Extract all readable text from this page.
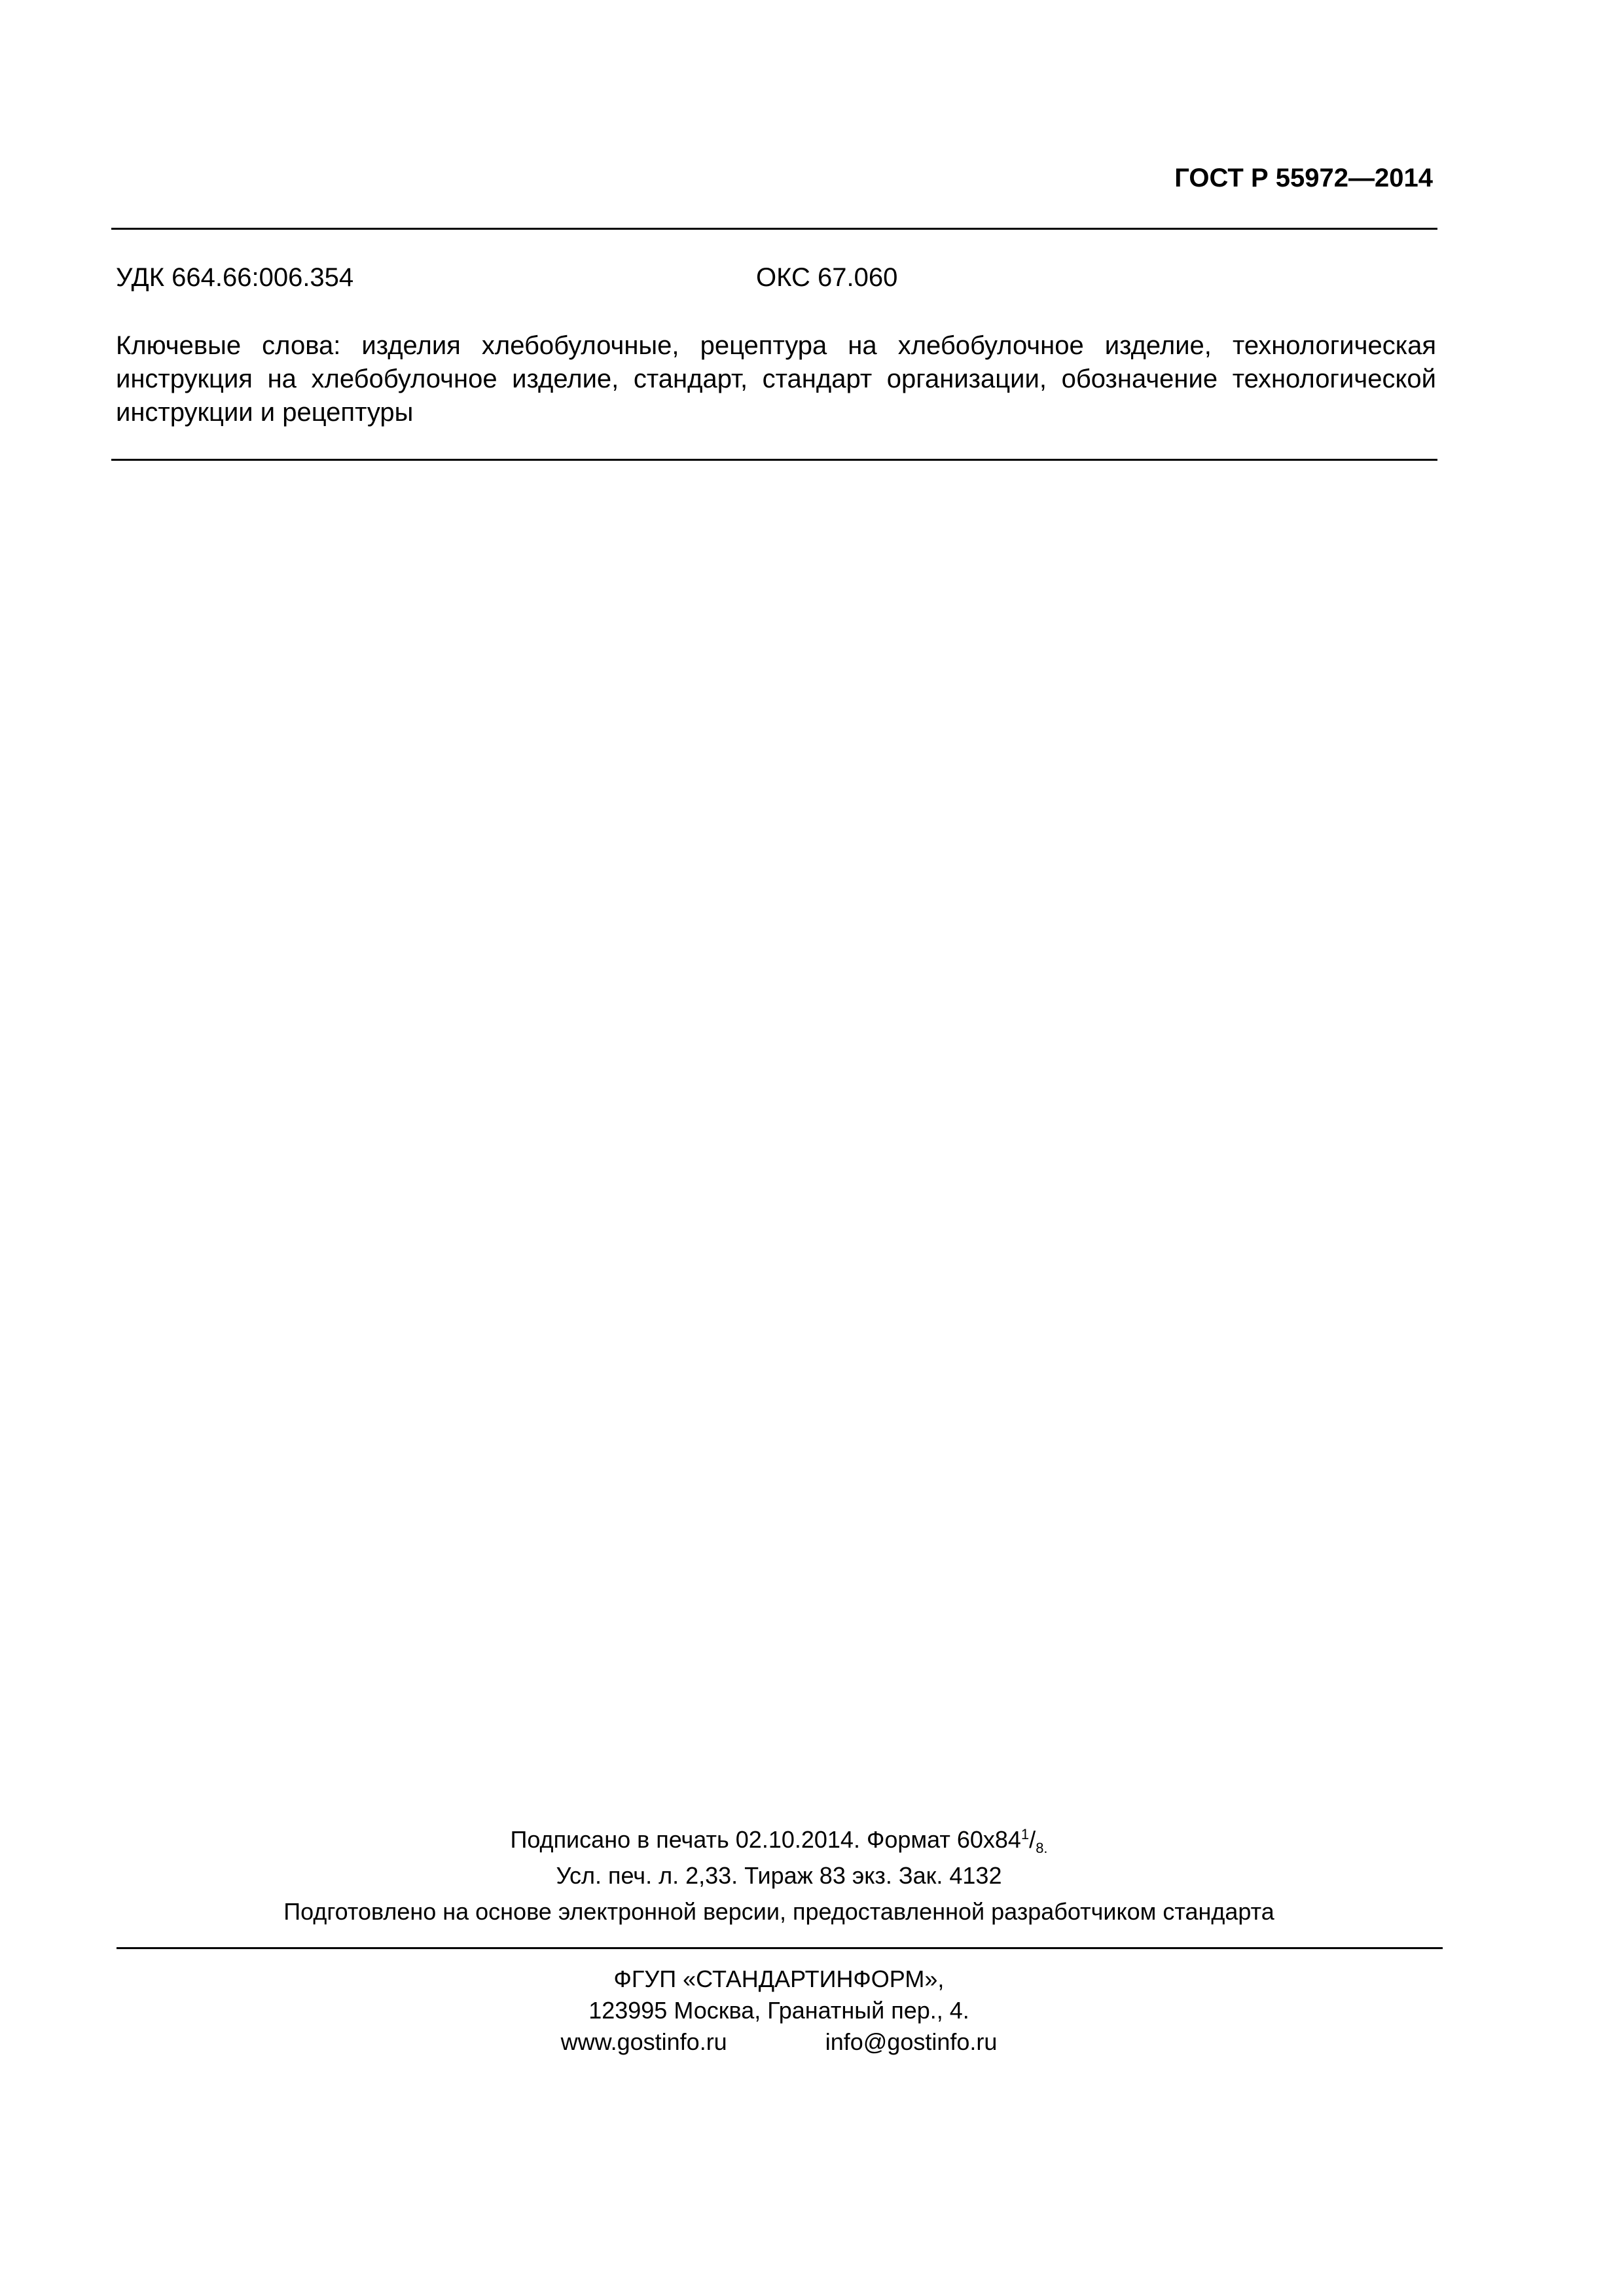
ГОСТ Р 55972—2014
УДК 664.66:006.354	ОКС 67.060
Ключевые слова: изделия хлебобулочные, рецептура на хлебобулочное изделие, технологическая инструкция на хлебобулочное изделие, стандарт, стандарт организации, обозначение технологической инструкции и рецептуры
Подписано в печать 02.10.2014. Формат $60x84^1/_{8.}$
Усл. печ. л. 2,33. Тираж 83 экз. Зак. 4132
Подготовлено на основе электронной версии, предоставленной разработчиком стандарта
ФГУП «СТАНДАРТИНФОРМ»,
123995 Москва, Гранатный пер., 4.
www.gostinfo.ru	info@gostinfo.ru
